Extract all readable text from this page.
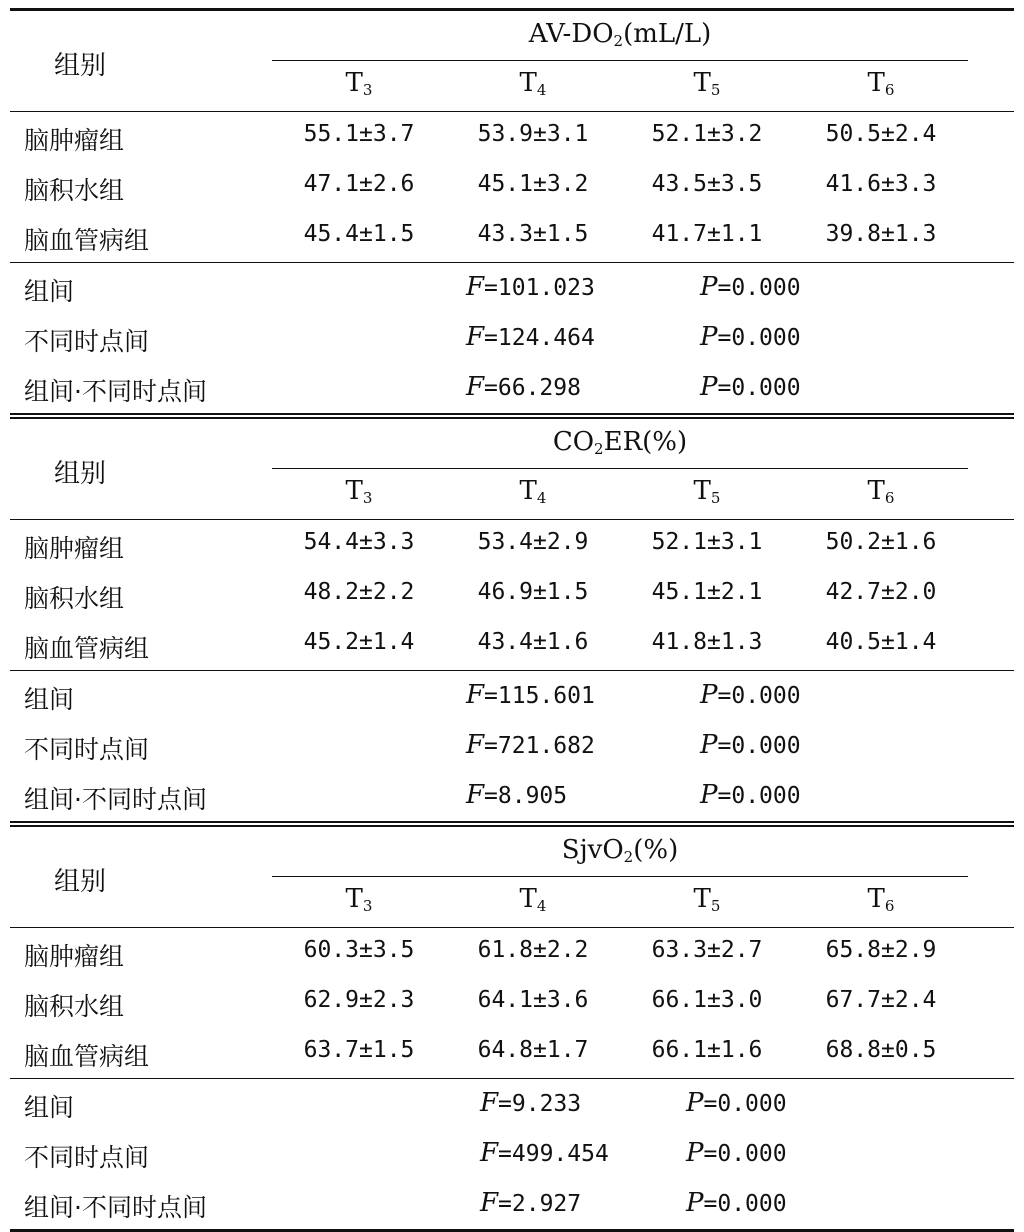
组别
$AV-DO_2(mL/L)$
$T_3$	$T_4$	$T_5$	$T_6$
脑肿瘤组	55.1±3.7	53.9±3.1	52.1±3.2	50.5±2.4
脑积水组	47.1±2.6	45.1±3.2	43.5±3.5	41.6±3.3
脑血管病组	45.4±1.5	43.3±1.5	41.7±1.1	39.8±1.3
组间	F=101.023	P=0.000
不同时点间	F=124.464	P=0.000
组间·不同时点间	F=66.298	P=0.000
组别
$CO_2ER(\%)$
$T_3$	$T_4$	$T_5$	$T_6$
脑肿瘤组	54.4±3.3	53.4±2.9	52.1±3.1	50.2±1.6
脑积水组	48.2±2.2	46.9±1.5	45.1±2.1	42.7±2.0
脑血管病组	45.2±1.4	43.4±1.6	41.8±1.3	40.5±1.4
组间	F=115.601	P=0.000
不同时点间	F=721.682	P=0.000
组间·不同时点间	F=8.905	P=0.000
组别
SjvO$_2$(%)
$T_3$	$T_4$	$T_5$	$T_6$
脑肿瘤组	60.3±3.5	61.8±2.2	63.3±2.7	65.8±2.9
脑积水组	62.9±2.3	64.1±3.6	66.1±3.0	67.7±2.4
脑血管病组	63.7±1.5	64.8±1.7	66.1±1.6	68.8±0.5
组间	F=9.233	P=0.000
不同时点间	F=499.454	P=0.000
组间·不同时点间	F=2.927	P=0.000
